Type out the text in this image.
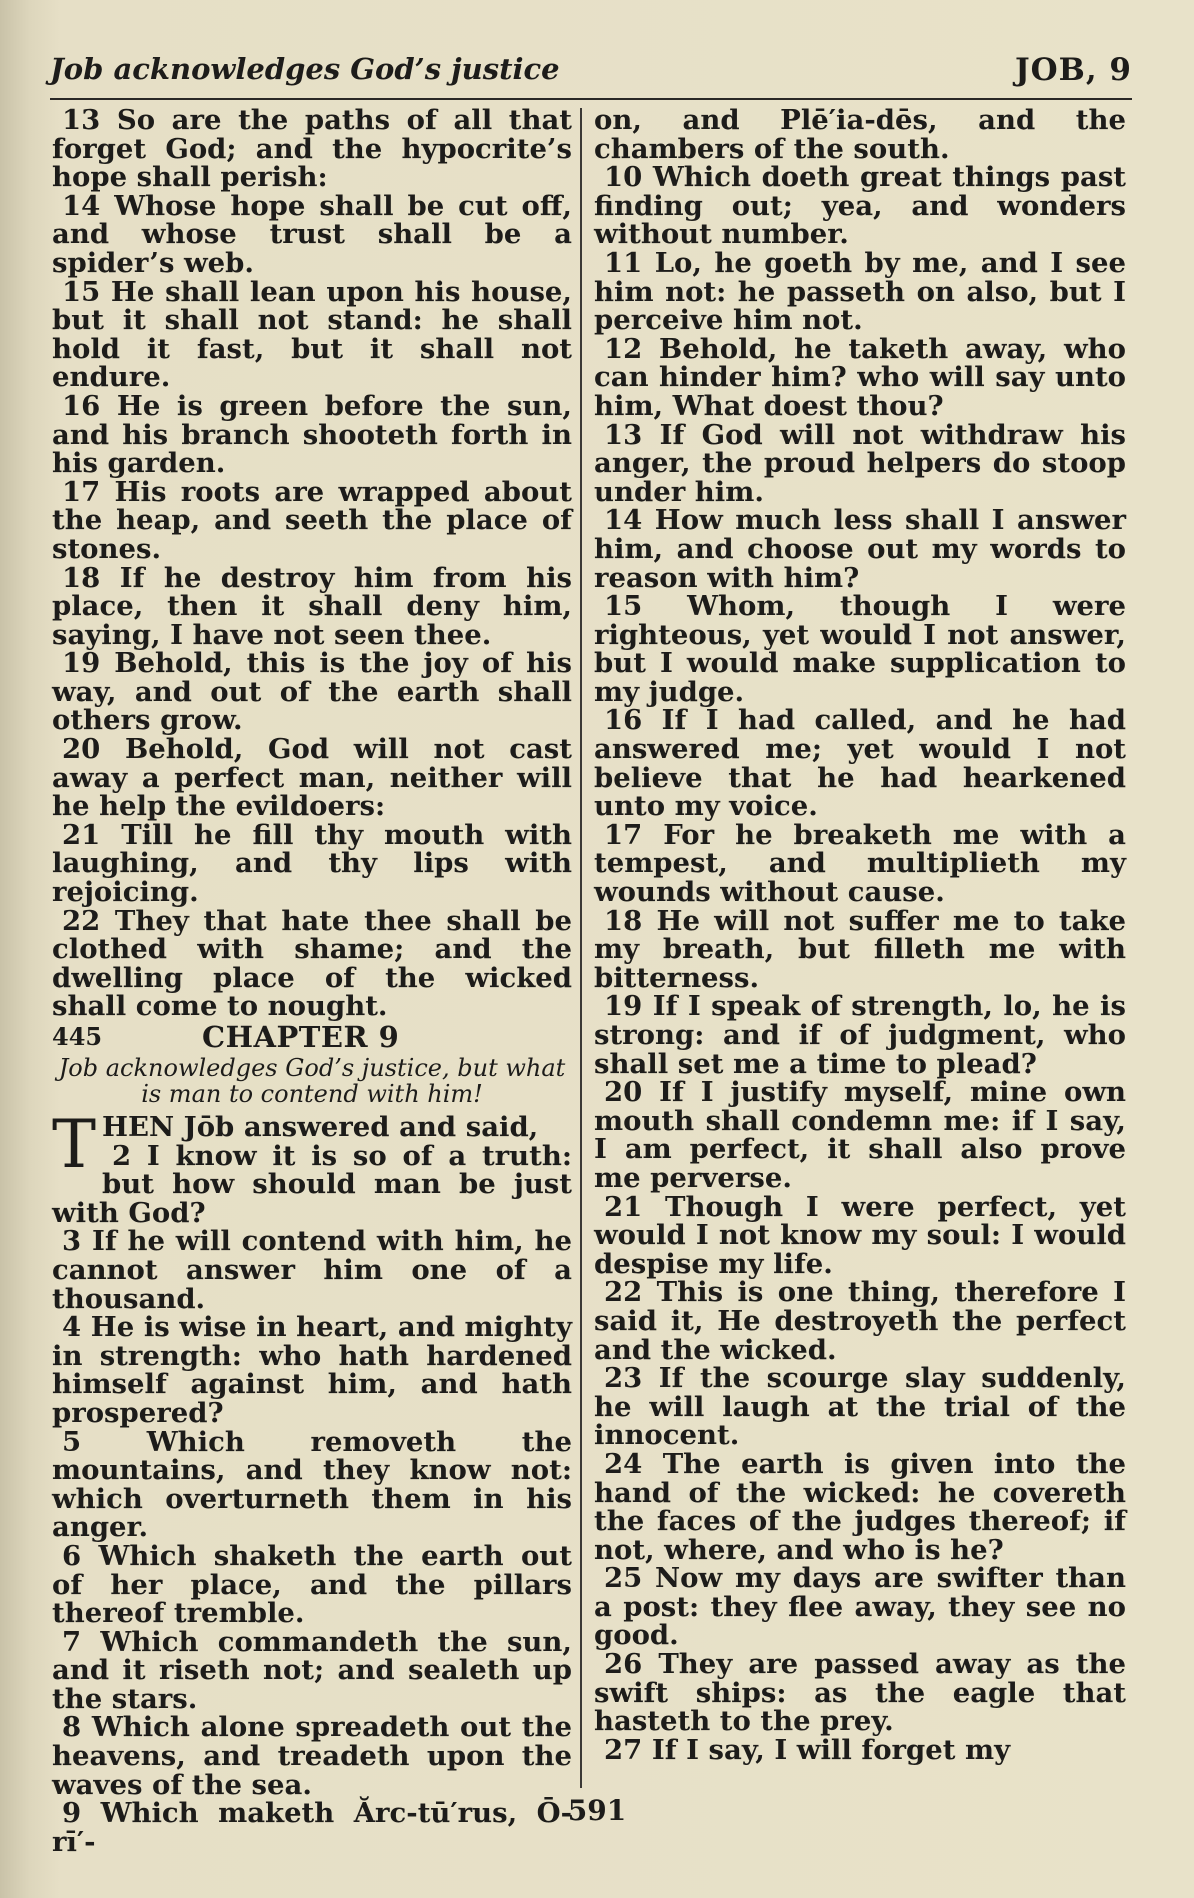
Job acknowledges God’s justice	JOB, 9

13 So are the paths of all that forget God; and the hypocrite’s hope shall perish:

14 Whose hope shall be cut off, and whose trust shall be a spider’s web.

15 He shall lean upon his house, but it shall not stand: he shall hold it fast, but it shall not endure.

16 He is green before the sun, and his branch shooteth forth in his garden.

17 His roots are wrapped about the heap, and seeth the place of stones.

18 If he destroy him from his place, then it shall deny him, saying, I have not seen thee.

19 Behold, this is the joy of his way, and out of the earth shall others grow.

20 Behold, God will not cast away a perfect man, neither will he help the evildoers:

21 Till he fill thy mouth with laughing, and thy lips with rejoicing.

22 They that hate thee shall be clothed with shame; and the dwelling place of the wicked shall come to nought.

445	CHAPTER 9

Job acknowledges God’s justice, but what is man to contend with him!

THEN Jōb answered and said,

2 I know it is so of a truth: but how should man be just with God?

3 If he will contend with him, he cannot answer him one of a thousand.

4 He is wise in heart, and mighty in strength: who hath hardened himself against him, and hath prospered?

5 Which removeth the mountains, and they know not: which overturneth them in his anger.

6 Which shaketh the earth out of her place, and the pillars thereof tremble.

7 Which commandeth the sun, and it riseth not; and sealeth up the stars.

8 Which alone spreadeth out the heavens, and treadeth upon the waves of the sea.

9 Which maketh Ărc-tū′rus, Ō-rī′-

on, and Plē′ia-dēs, and the chambers of the south.

10 Which doeth great things past finding out; yea, and wonders without number.

11 Lo, he goeth by me, and I see him not: he passeth on also, but I perceive him not.

12 Behold, he taketh away, who can hinder him? who will say unto him, What doest thou?

13 If God will not withdraw his anger, the proud helpers do stoop under him.

14 How much less shall I answer him, and choose out my words to reason with him?

15 Whom, though I were righteous, yet would I not answer, but I would make supplication to my judge.

16 If I had called, and he had answered me; yet would I not believe that he had hearkened unto my voice.

17 For he breaketh me with a tempest, and multiplieth my wounds without cause.

18 He will not suffer me to take my breath, but filleth me with bitterness.

19 If I speak of strength, lo, he is strong: and if of judgment, who shall set me a time to plead?

20 If I justify myself, mine own mouth shall condemn me: if I say, I am perfect, it shall also prove me perverse.

21 Though I were perfect, yet would I not know my soul: I would despise my life.

22 This is one thing, therefore I said it, He destroyeth the perfect and the wicked.

23 If the scourge slay suddenly, he will laugh at the trial of the innocent.

24 The earth is given into the hand of the wicked: he covereth the faces of the judges thereof; if not, where, and who is he?

25 Now my days are swifter than a post: they flee away, they see no good.

26 They are passed away as the swift ships: as the eagle that hasteth to the prey.

27 If I say, I will forget my

591
